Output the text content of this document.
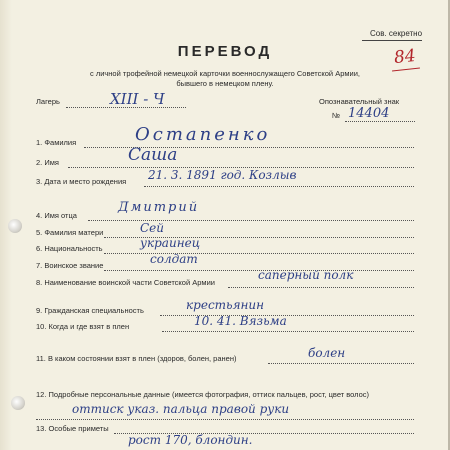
Сов. секретно
84
ПЕРЕВОД
с личной трофейной немецкой карточки военнослужащего Советской Армии,
бывшего в немецком плену.
Лагерь	XIII - Ч	Опознавательный знак
№ 14404
1. Фамилия	Остапенко
2. Имя	Саша
3. Дата и место рождения 21. 3. 1891 год. Козлыв
4. Имя отца
Дмитрий
5. Фамилия матери	Сей
6. Национальность	украинец
7. Воинское звание	солдат
8. Наименование воинской части Советской Армии
саперный полк
9. Гражданская специальность	крестьянин
10. Когда и где взят в плен	10. 41. Вязьма
11. В каком состоянии взят в плен (здоров, болен, ранен)	болен
12. Подробные персональные данные (имеется фотография, оттиск пальцев, рост, цвет волос)
оттиск указ. пальца правой руки
13. Особые приметы
рост 170, блондин.
